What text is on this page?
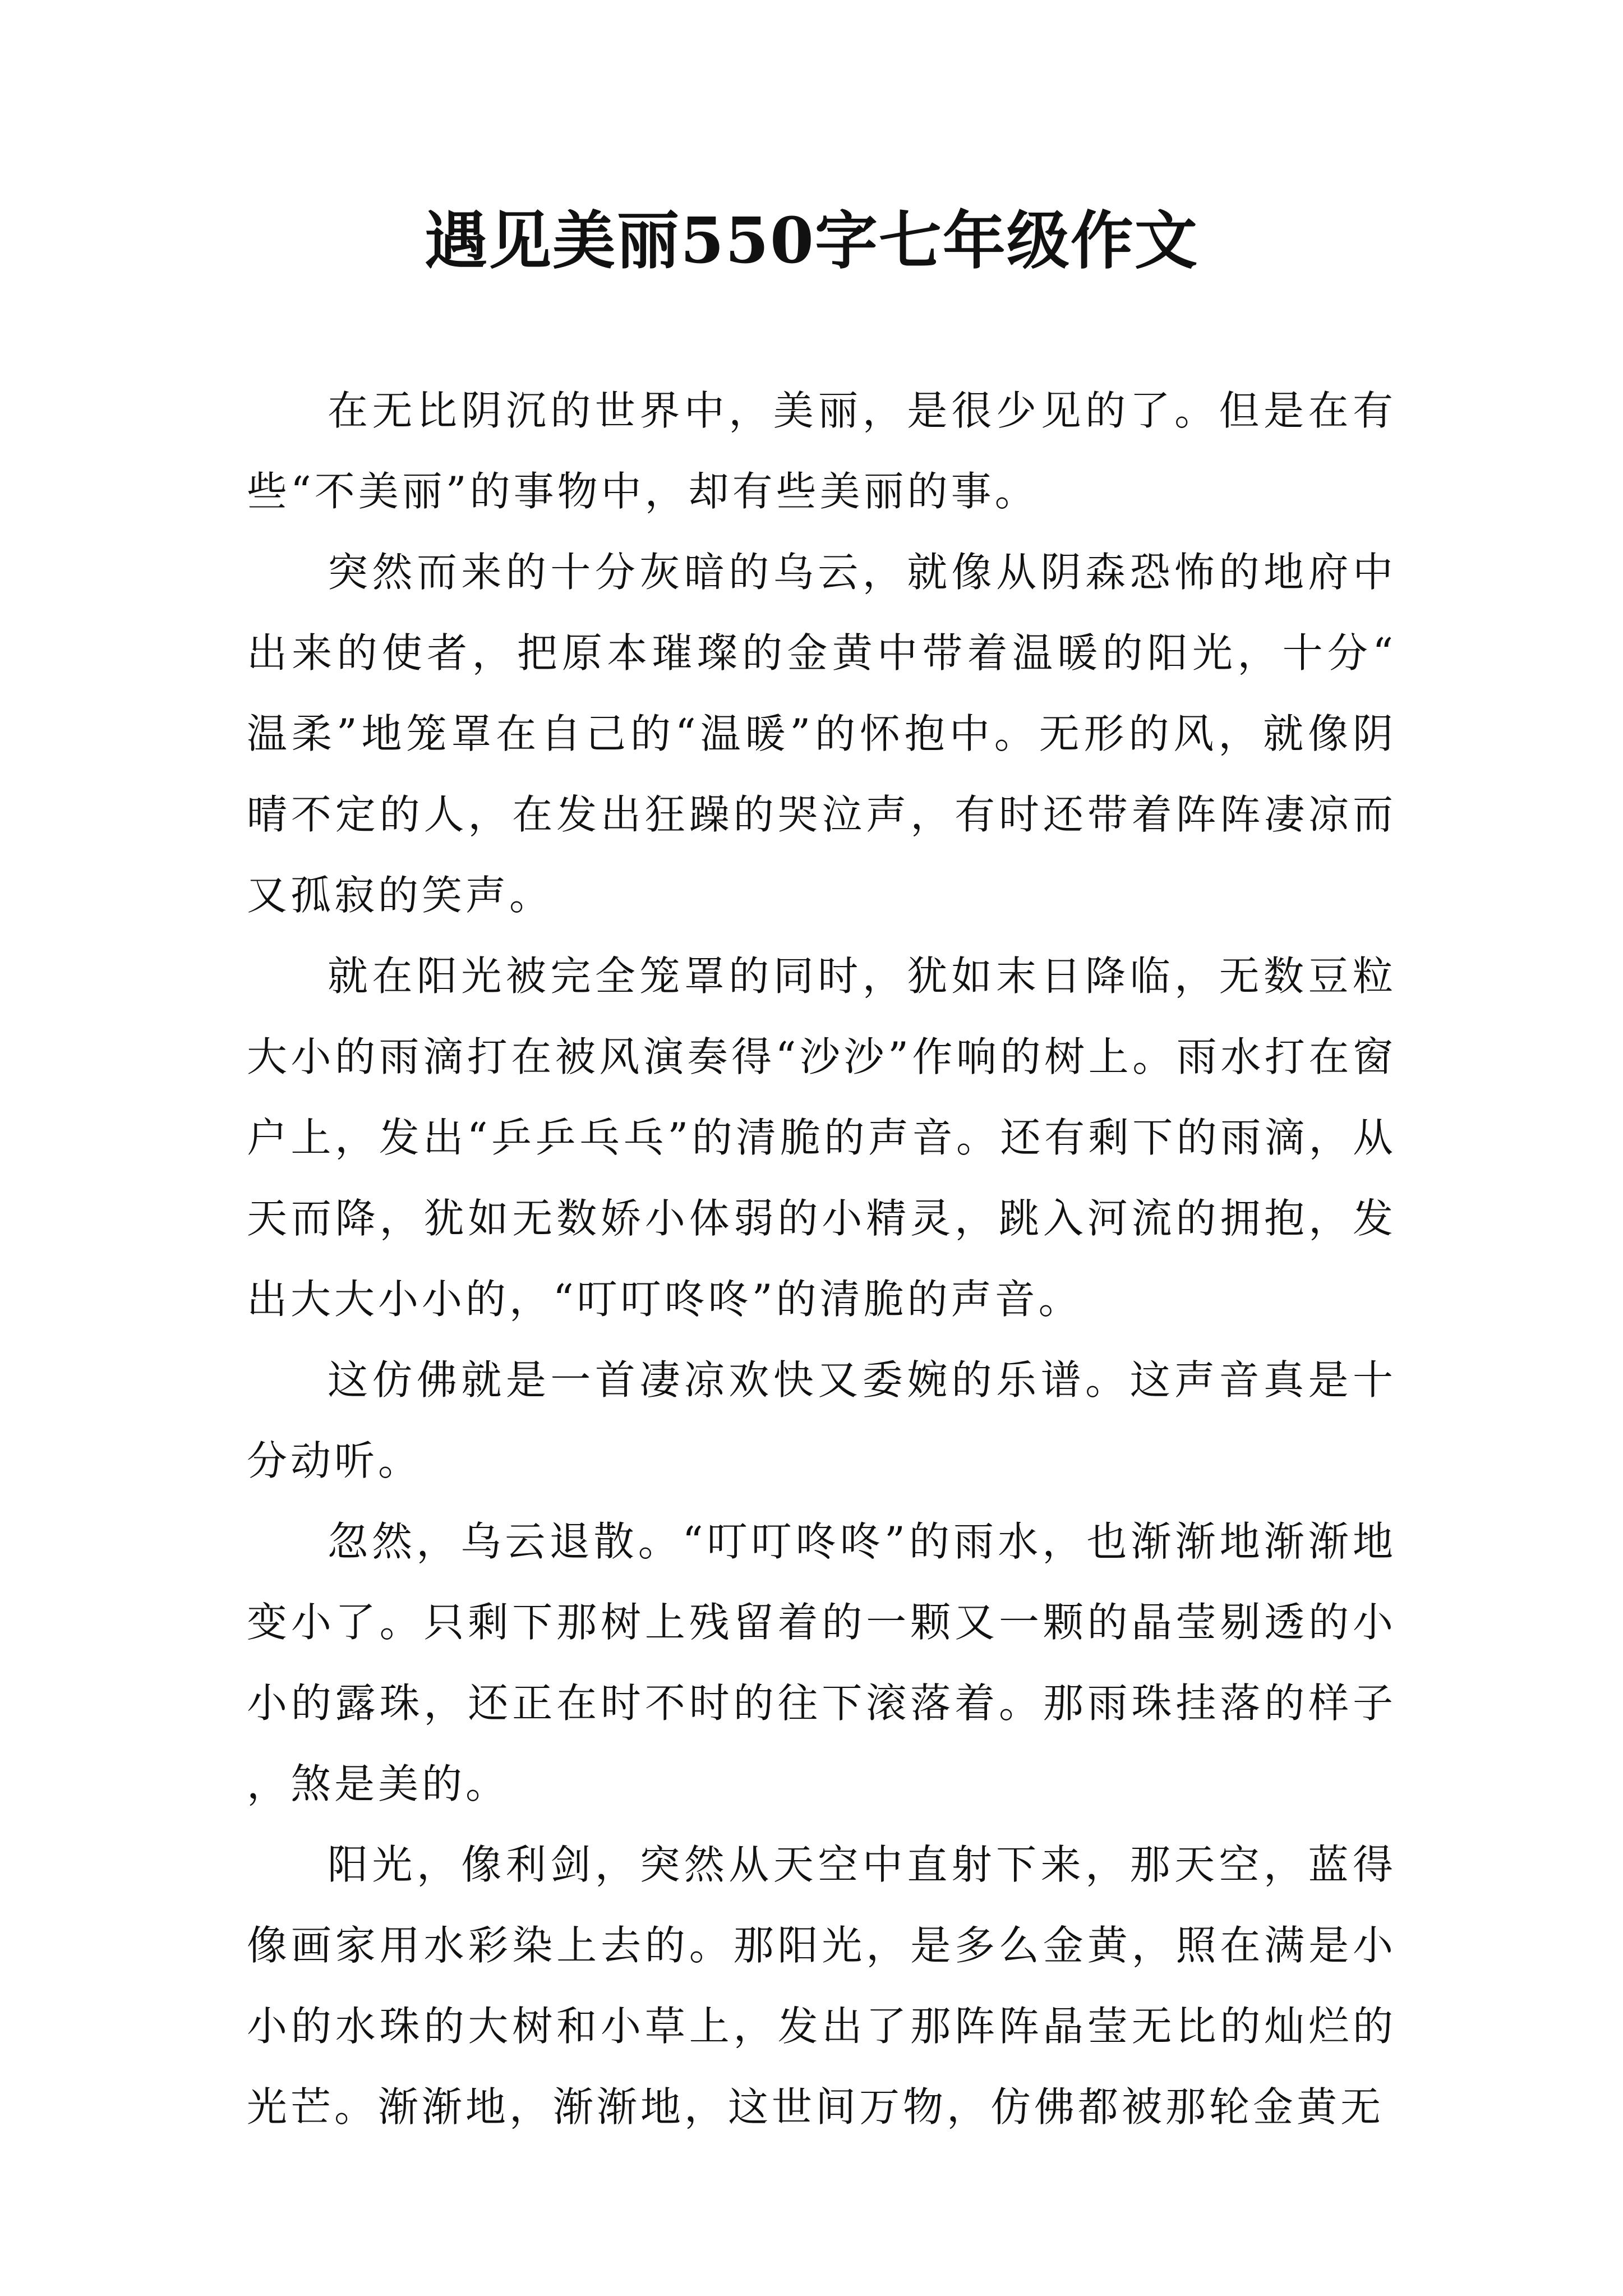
遇见美丽550字七年级作文

在无比阴沉的世界中，美丽，是很少见的了。但是在有些“不美丽”的事物中，却有些美丽的事。

突然而来的十分灰暗的乌云，就像从阴森恐怖的地府中出来的使者，把原本璀璨的金黄中带着温暖的阳光，十分“温柔”地笼罩在自己的“温暖”的怀抱中。无形的风，就像阴晴不定的人，在发出狂躁的哭泣声，有时还带着阵阵凄凉而又孤寂的笑声。

就在阳光被完全笼罩的同时，犹如末日降临，无数豆粒大小的雨滴打在被风演奏得“沙沙”作响的树上。雨水打在窗户上，发出“乒乒乓乓”的清脆的声音。还有剩下的雨滴，从天而降，犹如无数娇小体弱的小精灵，跳入河流的拥抱，发出大大小小的，“叮叮咚咚”的清脆的声音。

这仿佛就是一首凄凉欢快又委婉的乐谱。这声音真是十分动听。

忽然，乌云退散。“叮叮咚咚”的雨水，也渐渐地渐渐地变小了。只剩下那树上残留着的一颗又一颗的晶莹剔透的小小的露珠，还正在时不时的往下滚落着。那雨珠挂落的样子，煞是美的。

阳光，像利剑，突然从天空中直射下来，那天空，蓝得像画家用水彩染上去的。那阳光，是多么金黄，照在满是小小的水珠的大树和小草上，发出了那阵阵晶莹无比的灿烂的光芒。渐渐地，渐渐地，这世间万物，仿佛都被那轮金黄无
